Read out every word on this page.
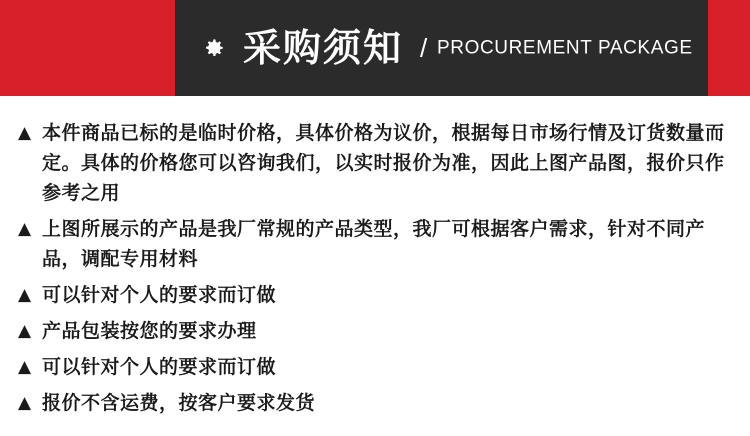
采购须知 / PROCUREMENT PACKAGE
▲ 本件商品已标的是临时价格，具体价格为议价，根据每日市场行情及订货数量而定。具体的价格您可以咨询我们，以实时报价为准，因此上图产品图，报价只作参考之用
▲ 上图所展示的产品是我厂常规的产品类型，我厂可根据客户需求，针对不同产品，调配专用材料
▲ 可以针对个人的要求而订做
▲ 产品包装按您的要求办理
▲ 可以针对个人的要求而订做
▲ 报价不含运费，按客户要求发货
